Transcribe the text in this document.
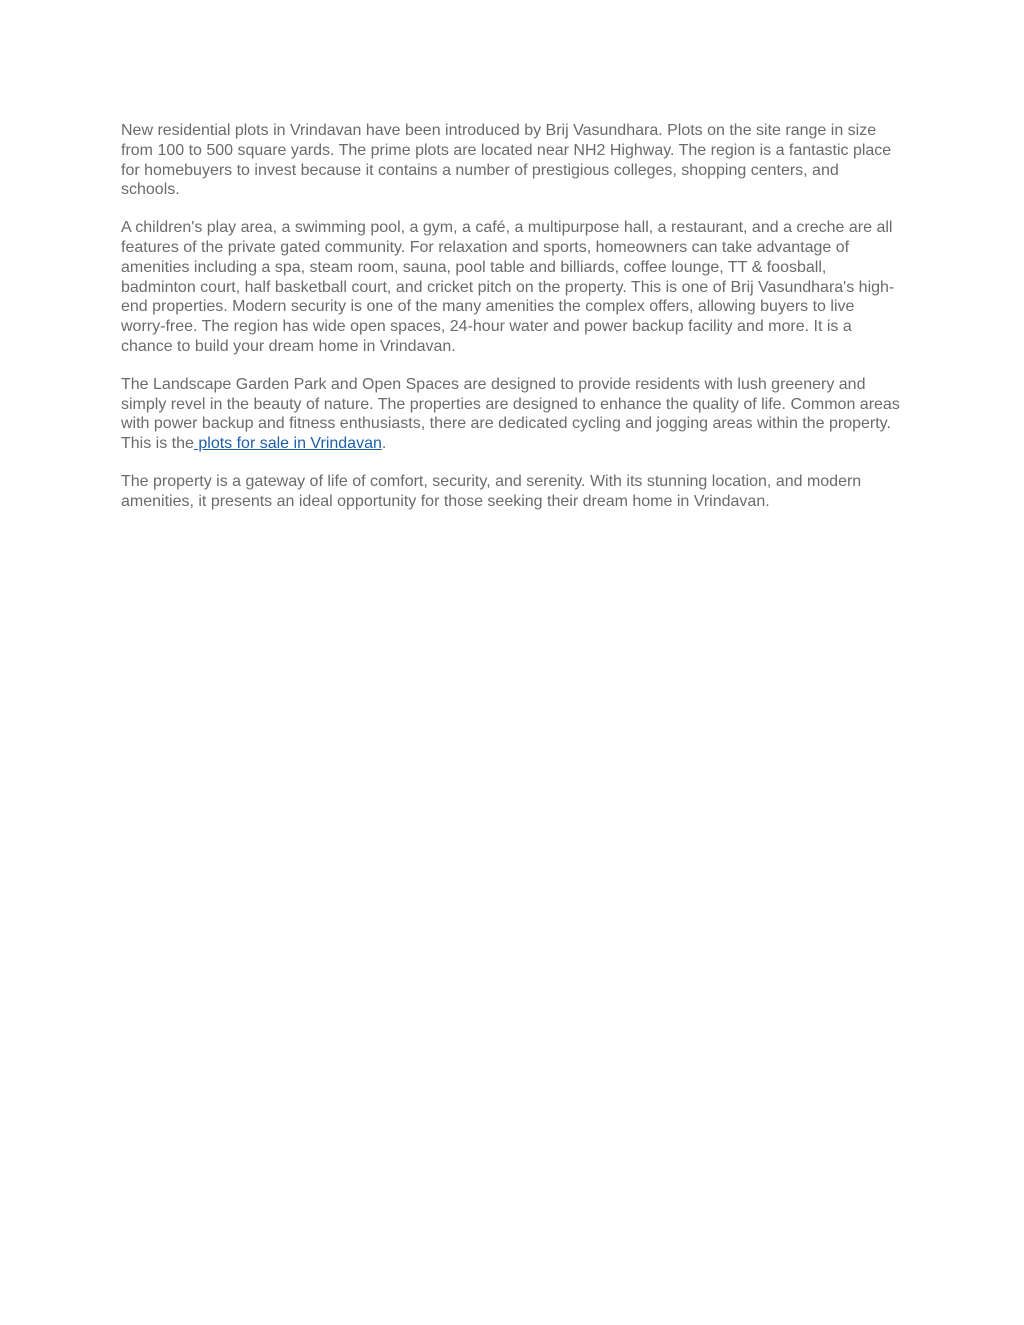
New residential plots in Vrindavan have been introduced by Brij Vasundhara. Plots on the site range in size from 100 to 500 square yards. The prime plots are located near NH2 Highway. The region is a fantastic place for homebuyers to invest because it contains a number of prestigious colleges, shopping centers, and schools.

A children's play area, a swimming pool, a gym, a café, a multipurpose hall, a restaurant, and a creche are all features of the private gated community. For relaxation and sports, homeowners can take advantage of amenities including a spa, steam room, sauna, pool table and billiards, coffee lounge, TT & foosball, badminton court, half basketball court, and cricket pitch on the property. This is one of Brij Vasundhara's high-end properties. Modern security is one of the many amenities the complex offers, allowing buyers to live worry-free. The region has wide open spaces, 24-hour water and power backup facility and more. It is a chance to build your dream home in Vrindavan.

The Landscape Garden Park and Open Spaces are designed to provide residents with lush greenery and simply revel in the beauty of nature. The properties are designed to enhance the quality of life. Common areas with power backup and fitness enthusiasts, there are dedicated cycling and jogging areas within the property. This is the plots for sale in Vrindavan.

The property is a gateway of life of comfort, security, and serenity. With its stunning location, and modern amenities, it presents an ideal opportunity for those seeking their dream home in Vrindavan.
